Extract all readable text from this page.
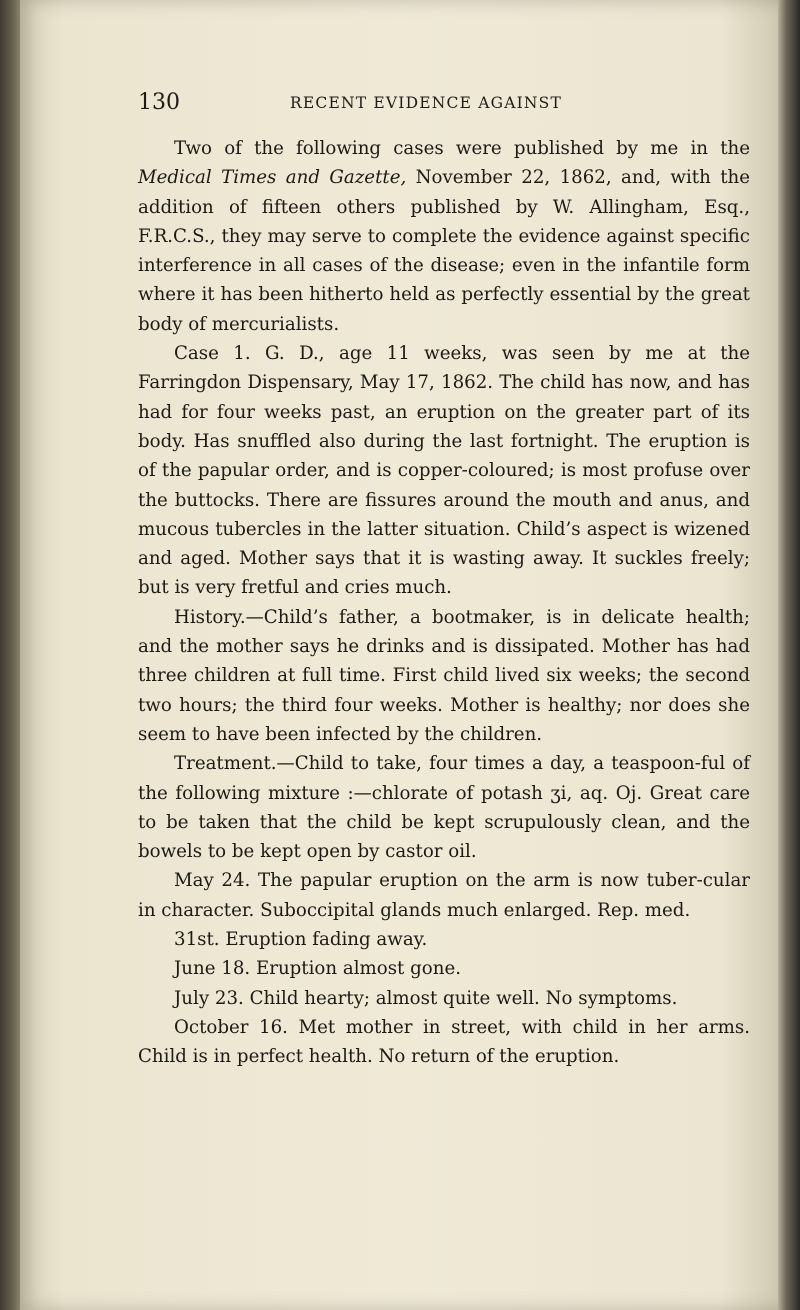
130	RECENT EVIDENCE AGAINST

Two of the following cases were published by me in the Medical Times and Gazette, November 22, 1862, and, with the addition of fifteen others published by W. Allingham, Esq., F.R.C.S., they may serve to complete the evidence against specific interference in all cases of the disease; even in the infantile form where it has been hitherto held as perfectly essential by the great body of mercurialists.

Case 1. G. D., age 11 weeks, was seen by me at the Farringdon Dispensary, May 17, 1862. The child has now, and has had for four weeks past, an eruption on the greater part of its body. Has snuffled also during the last fortnight. The eruption is of the papular order, and is copper-coloured; is most profuse over the buttocks. There are fissures around the mouth and anus, and mucous tubercles in the latter situation. Child’s aspect is wizened and aged. Mother says that it is wasting away. It suckles freely; but is very fretful and cries much.

History.—Child’s father, a bootmaker, is in delicate health; and the mother says he drinks and is dissipated. Mother has had three children at full time. First child lived six weeks; the second two hours; the third four weeks. Mother is healthy; nor does she seem to have been infected by the children.

Treatment.—Child to take, four times a day, a teaspoon-ful of the following mixture :—chlorate of potash ʒi, aq. Oj. Great care to be taken that the child be kept scrupulously clean, and the bowels to be kept open by castor oil.

May 24. The papular eruption on the arm is now tuber-cular in character. Suboccipital glands much enlarged. Rep. med.

31st. Eruption fading away.

June 18. Eruption almost gone.

July 23. Child hearty; almost quite well. No symptoms.

October 16. Met mother in street, with child in her arms. Child is in perfect health. No return of the eruption.
